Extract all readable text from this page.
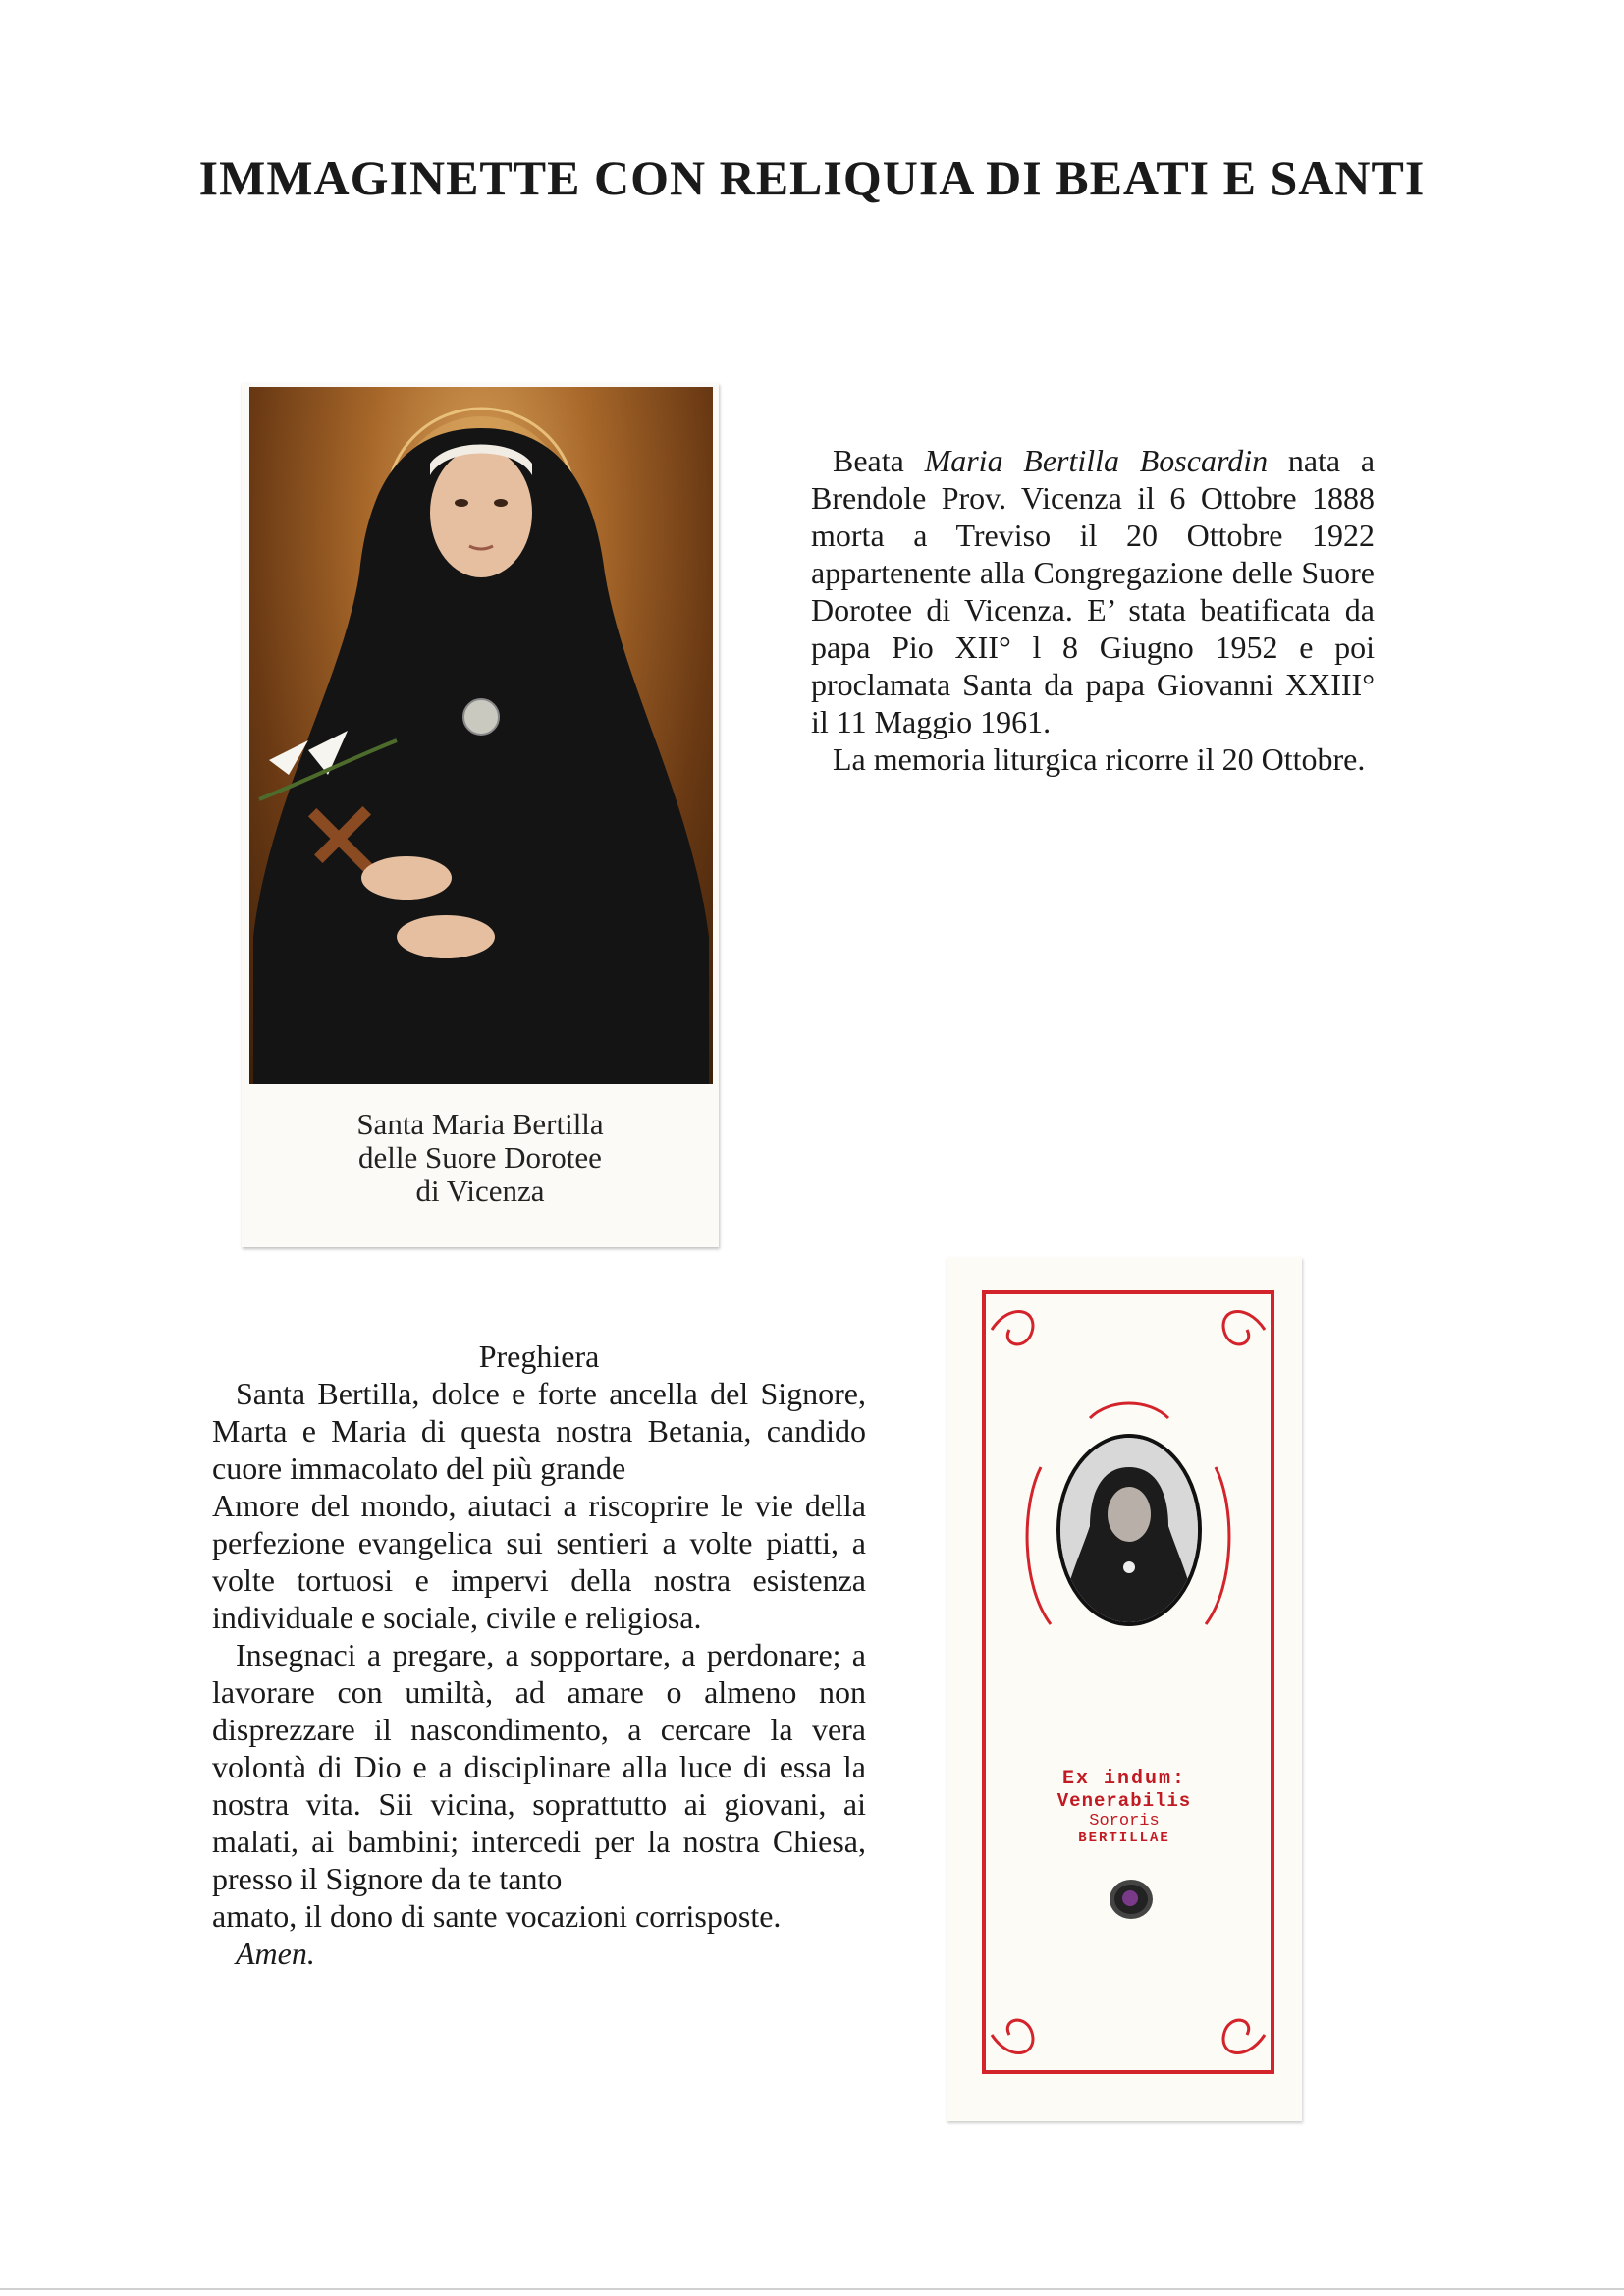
IMMAGINETTE CON RELIQUIA DI BEATI E SANTI
Santa Maria Bertilla
delle Suore Dorotee
di Vicenza

Beata Maria Bertilla Boscardin nata a Brendole Prov. Vicenza il 6 Ottobre 1888 morta a Treviso il 20 Ottobre 1922 appartenente alla Congregazione delle Suore Dorotee di Vicenza. E’ stata beatificata da papa Pio XII° l 8 Giugno 1952 e poi proclamata Santa da papa Giovanni XXIII° il 11 Maggio 1961.

La memoria liturgica ricorre il 20 Ottobre.

Preghiera

Santa Bertilla, dolce e forte ancella del Signore, Marta e Maria di questa nostra Betania, candido cuore immacolato del più grande

Amore del mondo, aiutaci a riscoprire le vie della perfezione evangelica sui sentieri a volte piatti, a volte tortuosi e impervi della nostra esistenza individuale e sociale, civile e religiosa.

Insegnaci a pregare, a sopportare, a perdonare; a lavorare con umiltà, ad amare o almeno non disprezzare il nascondimento, a cercare la vera volontà di Dio e a disciplinare alla luce di essa la nostra vita. Sii vicina, soprattutto ai giovani, ai malati, ai bambini; intercedi per la nostra Chiesa, presso il Signore da te tanto

amato, il dono di sante vocazioni corrisposte.

Amen.

Ex indum:
Venerabilis
Sororis
BERTILLAE
